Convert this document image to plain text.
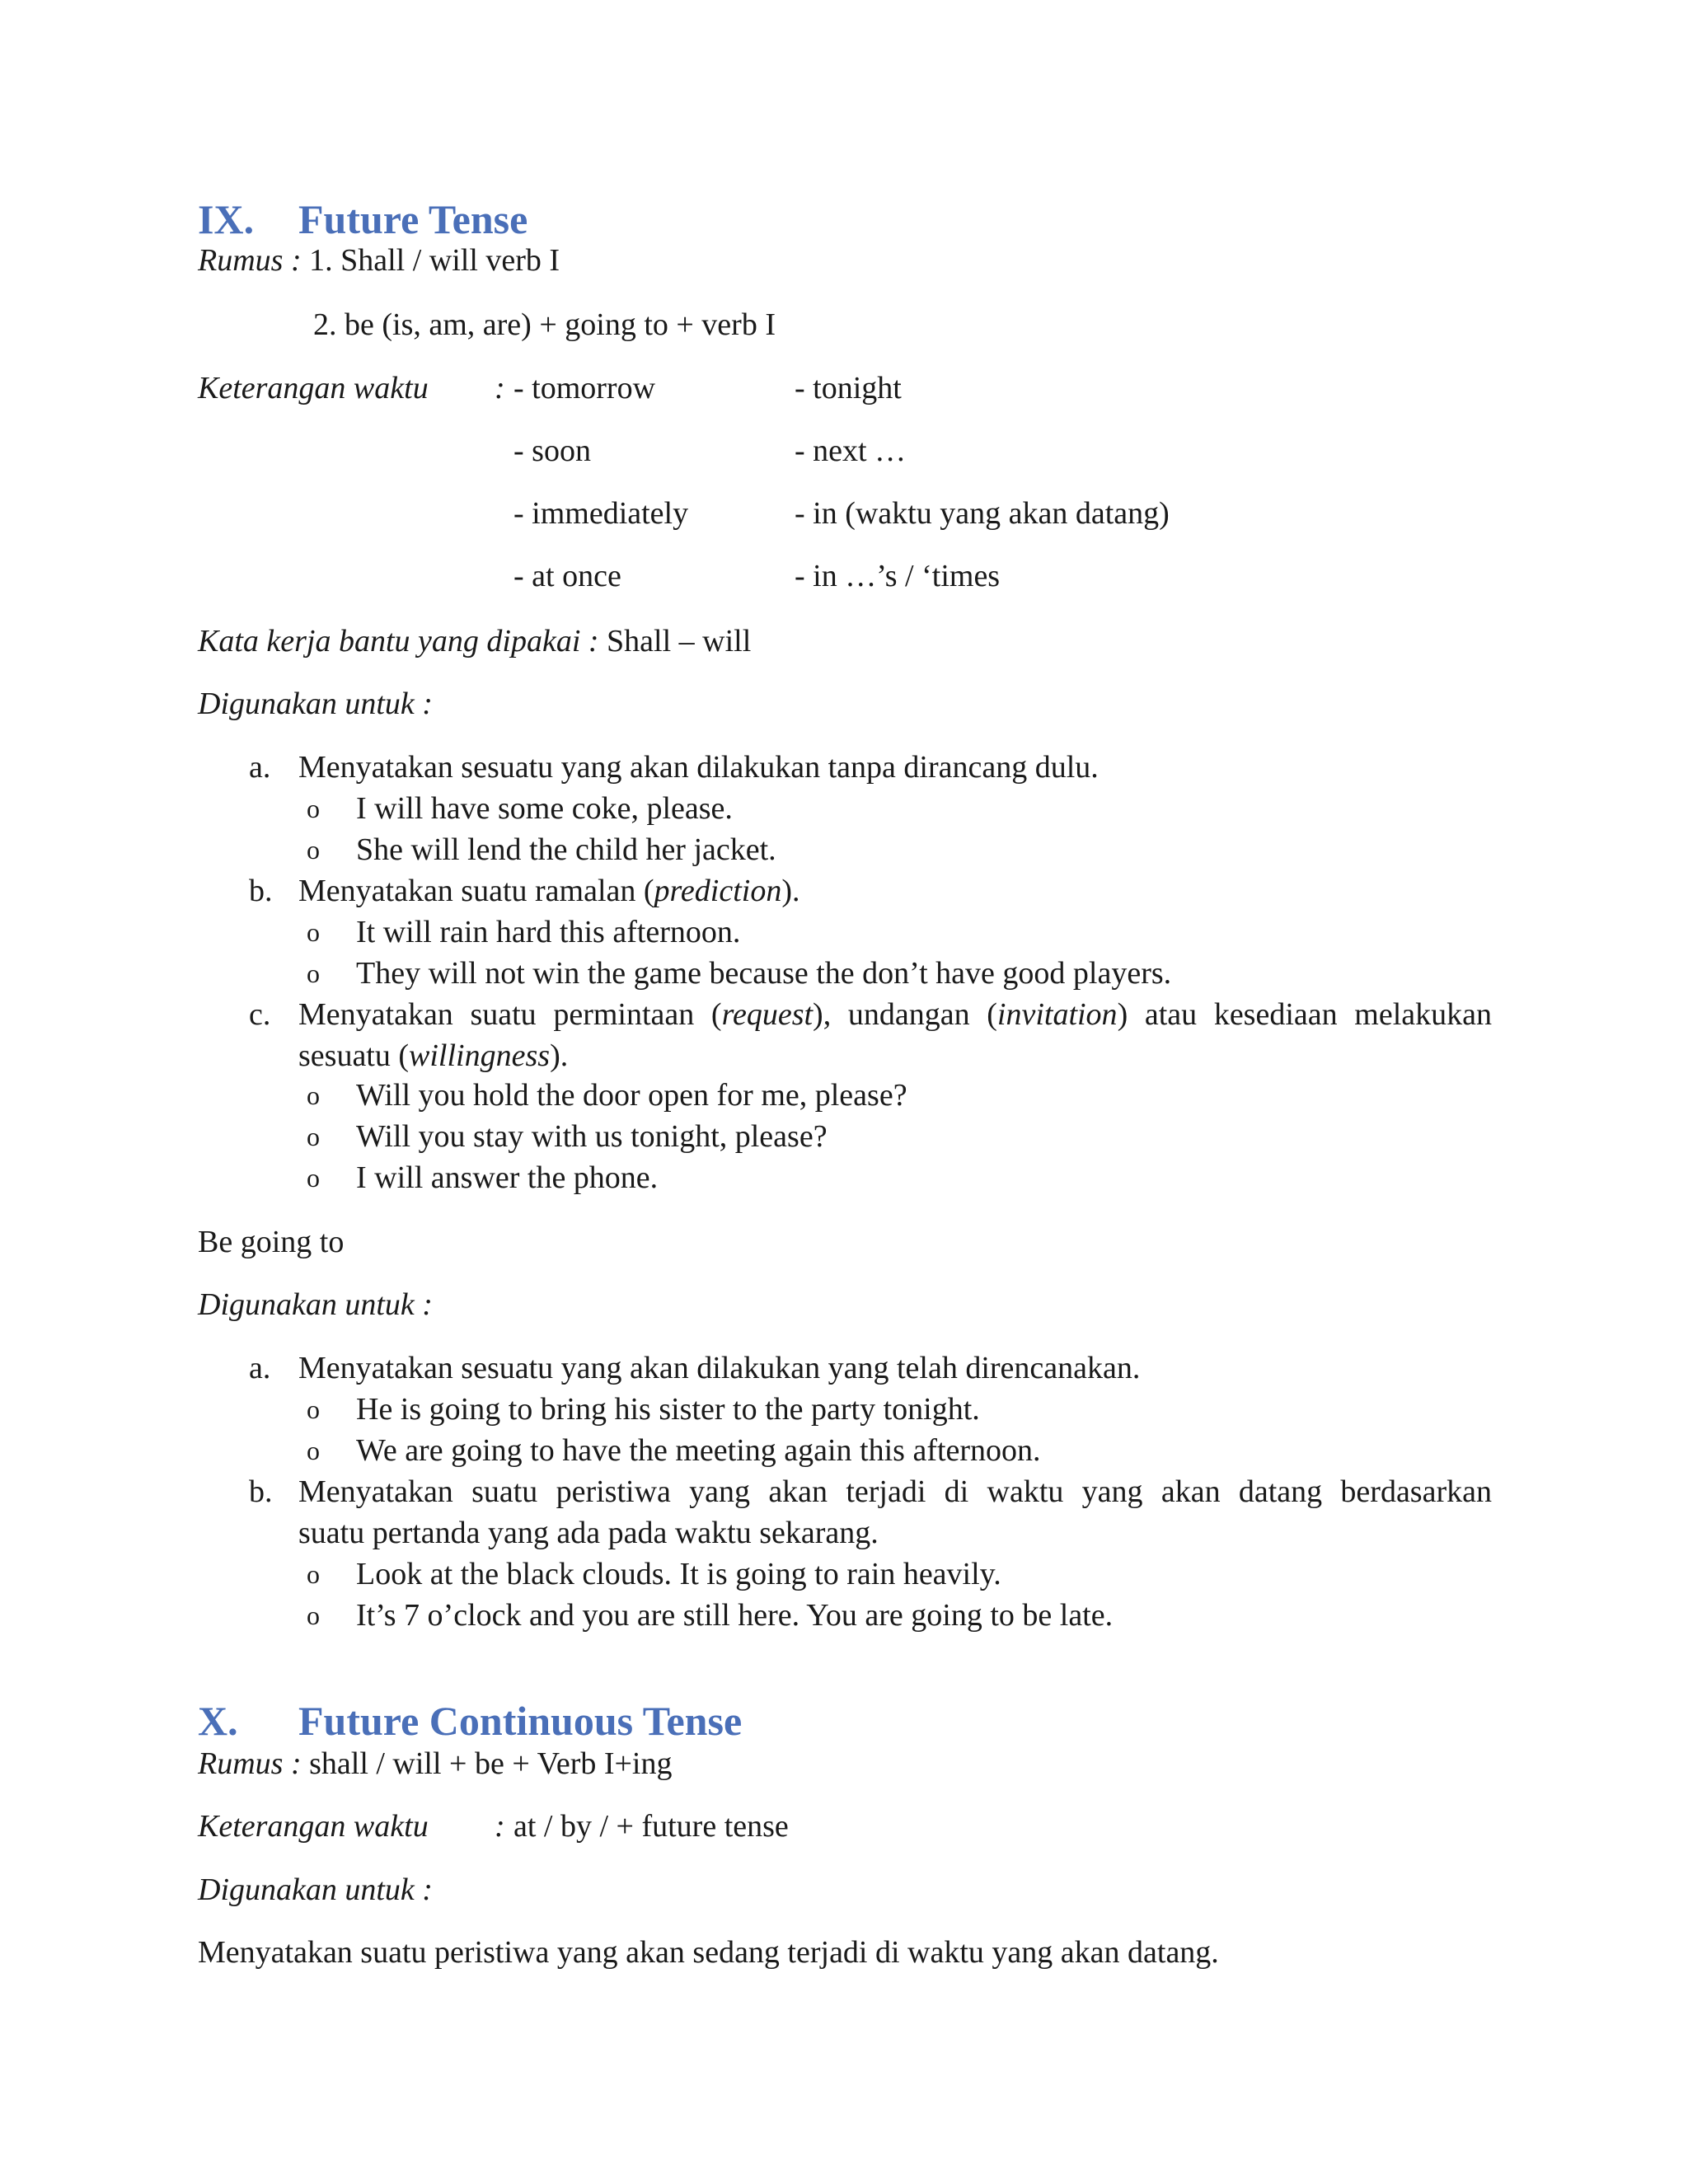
IX. Future Tense
Rumus : 1. Shall / will verb I
2. be (is, am, are) + going to + verb I
Keterangan waktu : - tomorrow
- soon
- immediately
- at once
- tonight
- next …
- in (waktu yang akan datang)
- in …’s / ‘times
Kata kerja bantu yang dipakai : Shall – will
Digunakan untuk :
a. Menyatakan sesuatu yang akan dilakukan tanpa dirancang dulu.
o I will have some coke, please.
o She will lend the child her jacket.
b. Menyatakan suatu ramalan (prediction).
o It will rain hard this afternoon.
o They will not win the game because the don’t have good players.
c. Menyatakan suatu permintaan (request), undangan (invitation) atau kesediaan melakukan
sesuatu (willingness).
o Will you hold the door open for me, please?
o Will you stay with us tonight, please?
o I will answer the phone.
Be going to
Digunakan untuk :
a. Menyatakan sesuatu yang akan dilakukan yang telah direncanakan.
o He is going to bring his sister to the party tonight.
o We are going to have the meeting again this afternoon.
b. Menyatakan suatu peristiwa yang akan terjadi di waktu yang akan datang berdasarkan
suatu pertanda yang ada pada waktu sekarang.
o Look at the black clouds. It is going to rain heavily.
o It’s 7 o’clock and you are still here. You are going to be late.
X. Future Continuous Tense
Rumus : shall / will + be + Verb I+ing
Keterangan waktu : at / by / + future tense
Digunakan untuk :
Menyatakan suatu peristiwa yang akan sedang terjadi di waktu yang akan datang.
